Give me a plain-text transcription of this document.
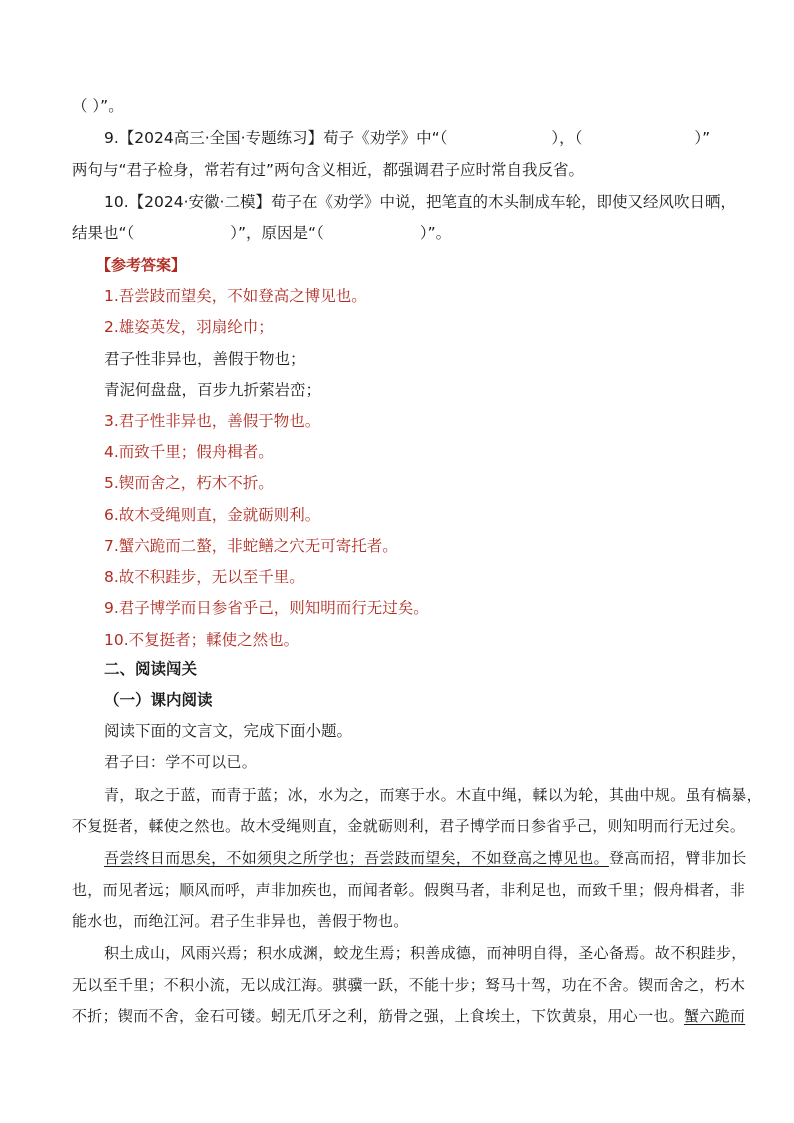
（ ）”。
9.【2024高三·全国·专题练习】荀子《劝学》中“（	），（	）”
两句与“君子检身，常若有过”两句含义相近，都强调君子应时常自我反省。
10.【2024·安徽·二模】荀子在《劝学》中说，把笔直的木头制成车轮，即使又经风吹日晒，
结果也“（	）”，原因是“（	）”。
【参考答案】
1.吾尝跂而望矣，不如登高之博见也。
2.雄姿英发，羽扇纶巾；
君子性非异也，善假于物也；
青泥何盘盘，百步九折萦岩峦；
3.君子性非异也，善假于物也。
4.而致千里；假舟楫者。
5.锲而舍之，朽木不折。
6.故木受绳则直，金就砺则利。
7.蟹六跪而二螯，非蛇鳝之穴无可寄托者。
8.故不积跬步，无以至千里。
9.君子博学而日参省乎己，则知明而行无过矣。
10.不复挺者；輮使之然也。
二、阅读闯关
（一）课内阅读
阅读下面的文言文，完成下面小题。
君子曰：学不可以已。
青，取之于蓝，而青于蓝；冰，水为之，而寒于水。木直中绳，輮以为轮，其曲中规。虽有槁暴，
不复挺者，輮使之然也。故木受绳则直，金就砺则利，君子博学而日参省乎己，则知明而行无过矣。
吾尝终日而思矣，不如须臾之所学也；吾尝跂而望矣，不如登高之博见也。登高而招，臂非加长
也，而见者远；顺风而呼，声非加疾也，而闻者彰。假舆马者，非利足也，而致千里；假舟楫者，非
能水也，而绝江河。君子生非异也，善假于物也。
积土成山，风雨兴焉；积水成渊，蛟龙生焉；积善成德，而神明自得，圣心备焉。故不积跬步，
无以至千里；不积小流，无以成江海。骐骥一跃，不能十步；驽马十驾，功在不舍。锲而舍之，朽木
不折；锲而不舍，金石可镂。蚓无爪牙之利，筋骨之强，上食埃土，下饮黄泉，用心一也。蟹六跪而
